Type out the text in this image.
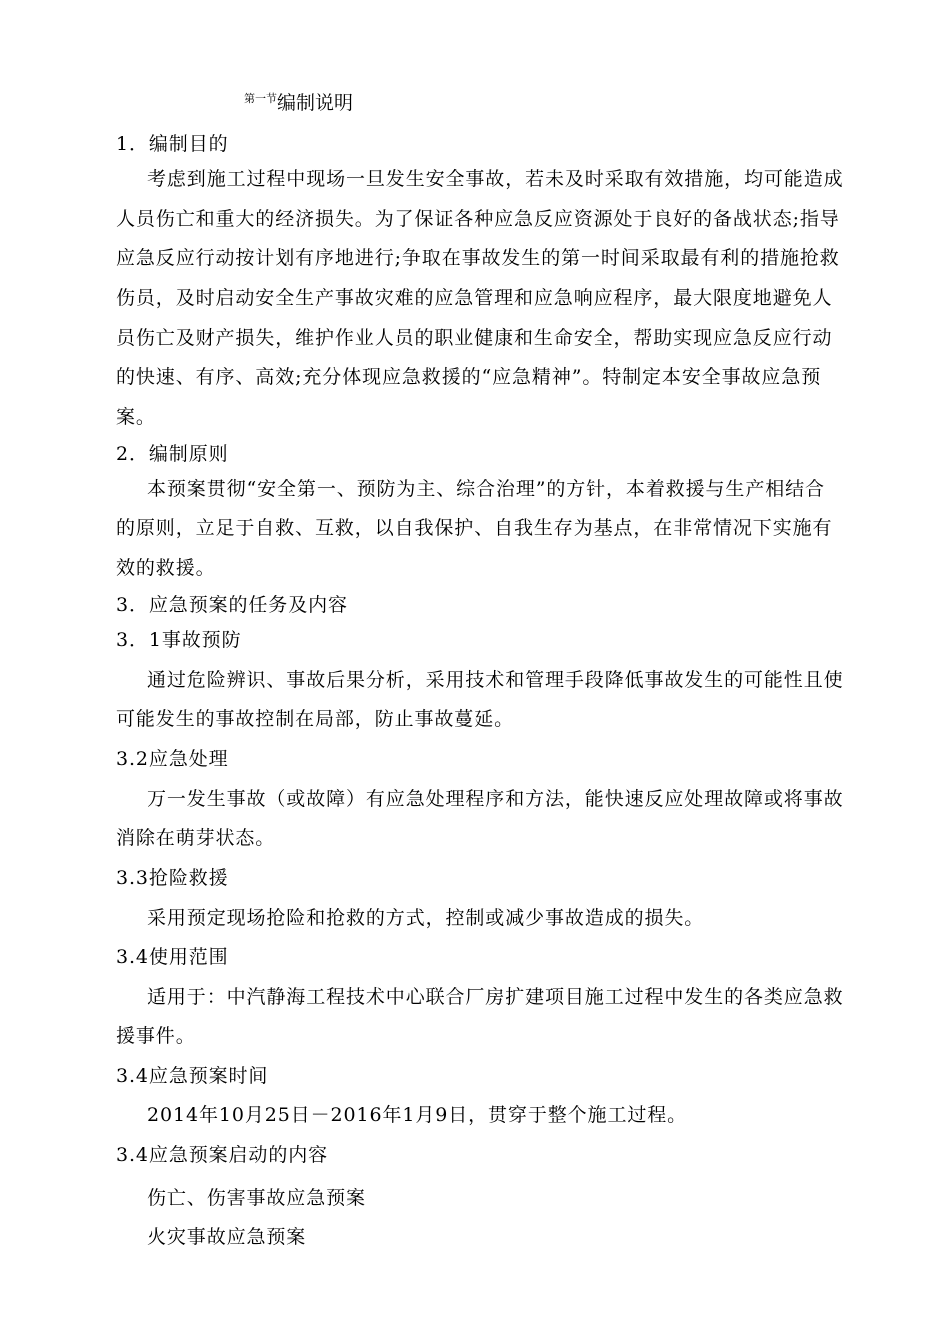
$^{第一节}$编制说明
1．编制目的
考虑到施工过程中现场一旦发生安全事故，若未及时采取有效措施，均可能造成
人员伤亡和重大的经济损失。为了保证各种应急反应资源处于良好的备战状态;指导
应急反应行动按计划有序地进行;争取在事故发生的第一时间采取最有利的措施抢救
伤员，及时启动安全生产事故灾难的应急管理和应急响应程序，最大限度地避免人
员伤亡及财产损失，维护作业人员的职业健康和生命安全，帮助实现应急反应行动
的快速、有序、高效;充分体现应急救援的“应急精神”。特制定本安全事故应急预
案。
2．编制原则
本预案贯彻“安全第一、预防为主、综合治理”的方针，本着救援与生产相结合
的原则，立足于自救、互救，以自我保护、自我生存为基点，在非常情况下实施有
效的救援。
3．应急预案的任务及内容
3．1事故预防
通过危险辨识、事故后果分析，采用技术和管理手段降低事故发生的可能性且使
可能发生的事故控制在局部，防止事故蔓延。
3.2应急处理
万一发生事故（或故障）有应急处理程序和方法，能快速反应处理故障或将事故
消除在萌芽状态。
3.3抢险救援
采用预定现场抢险和抢救的方式，控制或减少事故造成的损失。
3.4使用范围
适用于：中汽静海工程技术中心联合厂房扩建项目施工过程中发生的各类应急救
援事件。
3.4应急预案时间
2014年10月25日－2016年1月9日，贯穿于整个施工过程。
3.4应急预案启动的内容
伤亡、伤害事故应急预案
火灾事故应急预案
